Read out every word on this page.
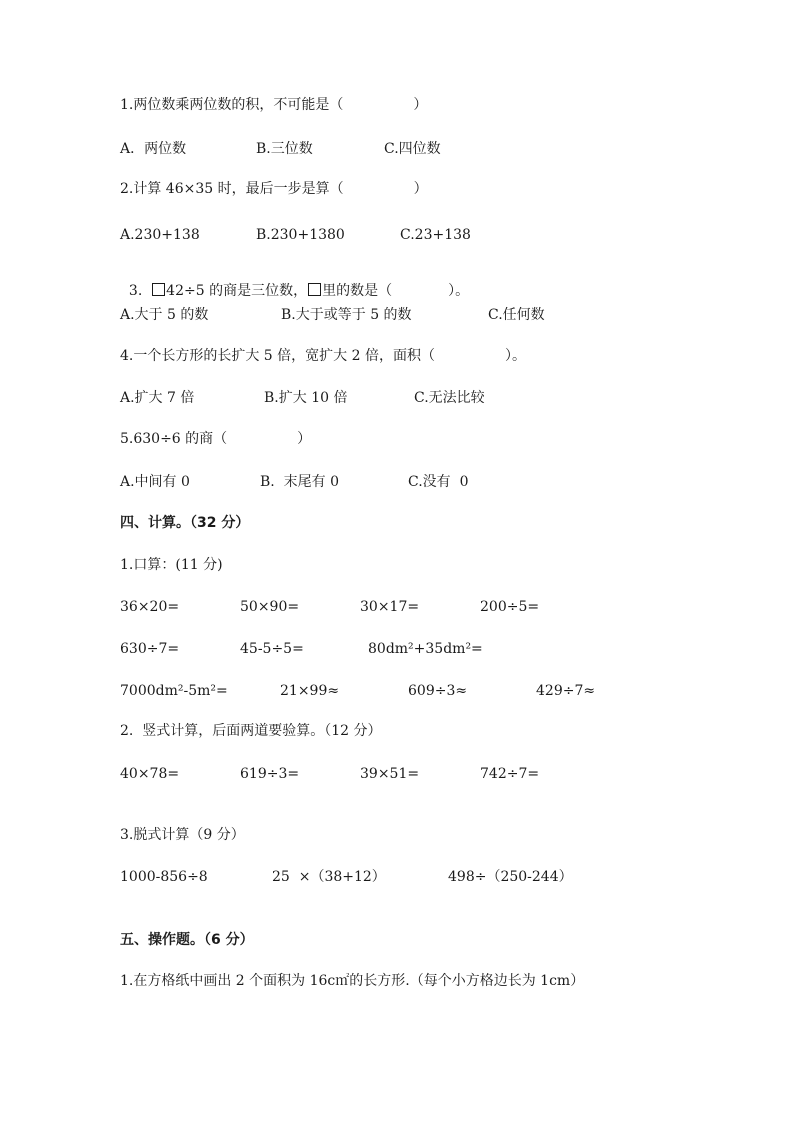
1.两位数乘两位数的积，不可能是（　　　　　）
A．两位数	B.三位数	C.四位数
2.计算 46×35 时，最后一步是算（　　　　　）
A.230+138	B.230+1380	C.23+138

3.  42÷5 的商是三位数， 里的数是（　　　　）。

A.大于 5 的数	B.大于或等于 5 的数	C.任何数
4.一个长方形的长扩大 5 倍，宽扩大 2 倍，面积（　　　　　）。
A.扩大 7 倍	B.扩大 10 倍	C.无法比较
5.630÷6 的商（　　　　　）
A.中间有 0	B.  末尾有 0	C.没有  0
四、计算。（32 分）
1.口算：(11 分)
36×20=	50×90=	30×17=	200÷5=
630÷7=	45-5÷5=	80dm²+35dm²=
7000dm²-5m²=	21×99≈	609÷3≈	429÷7≈
2.  竖式计算，后面两道要验算。（12 分）
40×78=	619÷3=	39×51=	742÷7=
3.脱式计算（9 分）
1000-856÷8	25  ×（38+12）	498÷（250-244）
五、操作题。（6 分）
1.在方格纸中画出 2 个面积为 16c㎡的长方形.（每个小方格边长为 1cm）
